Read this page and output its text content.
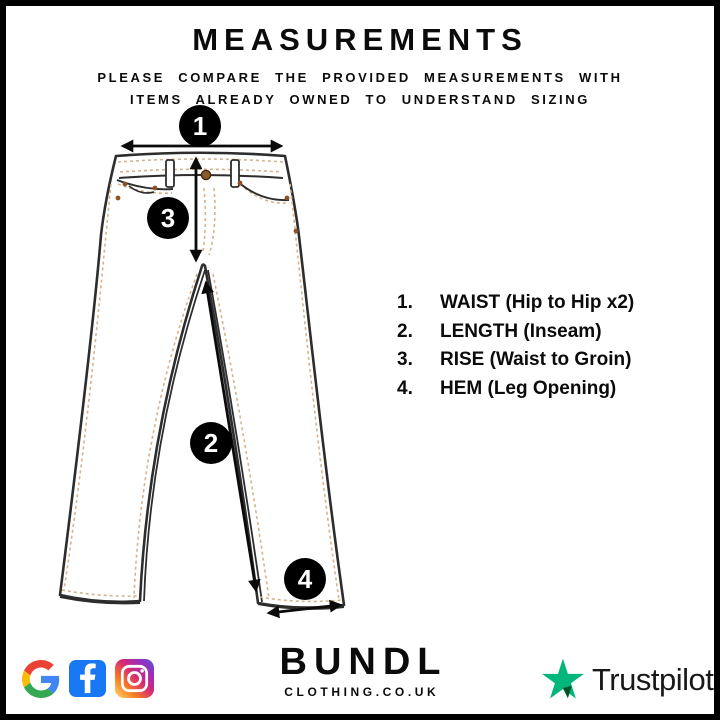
MEASUREMENTS
PLEASE COMPARE THE PROVIDED MEASUREMENTS WITH
ITEMS ALREADY OWNED TO UNDERSTAND SIZING
1
2
3
4
1.	WAIST (Hip to Hip x2)
2.	LENGTH (Inseam)
3.	RISE (Waist to Groin)
4.	HEM (Leg Opening)
BUNDL
CLOTHING.CO.UK	Trustpilot
